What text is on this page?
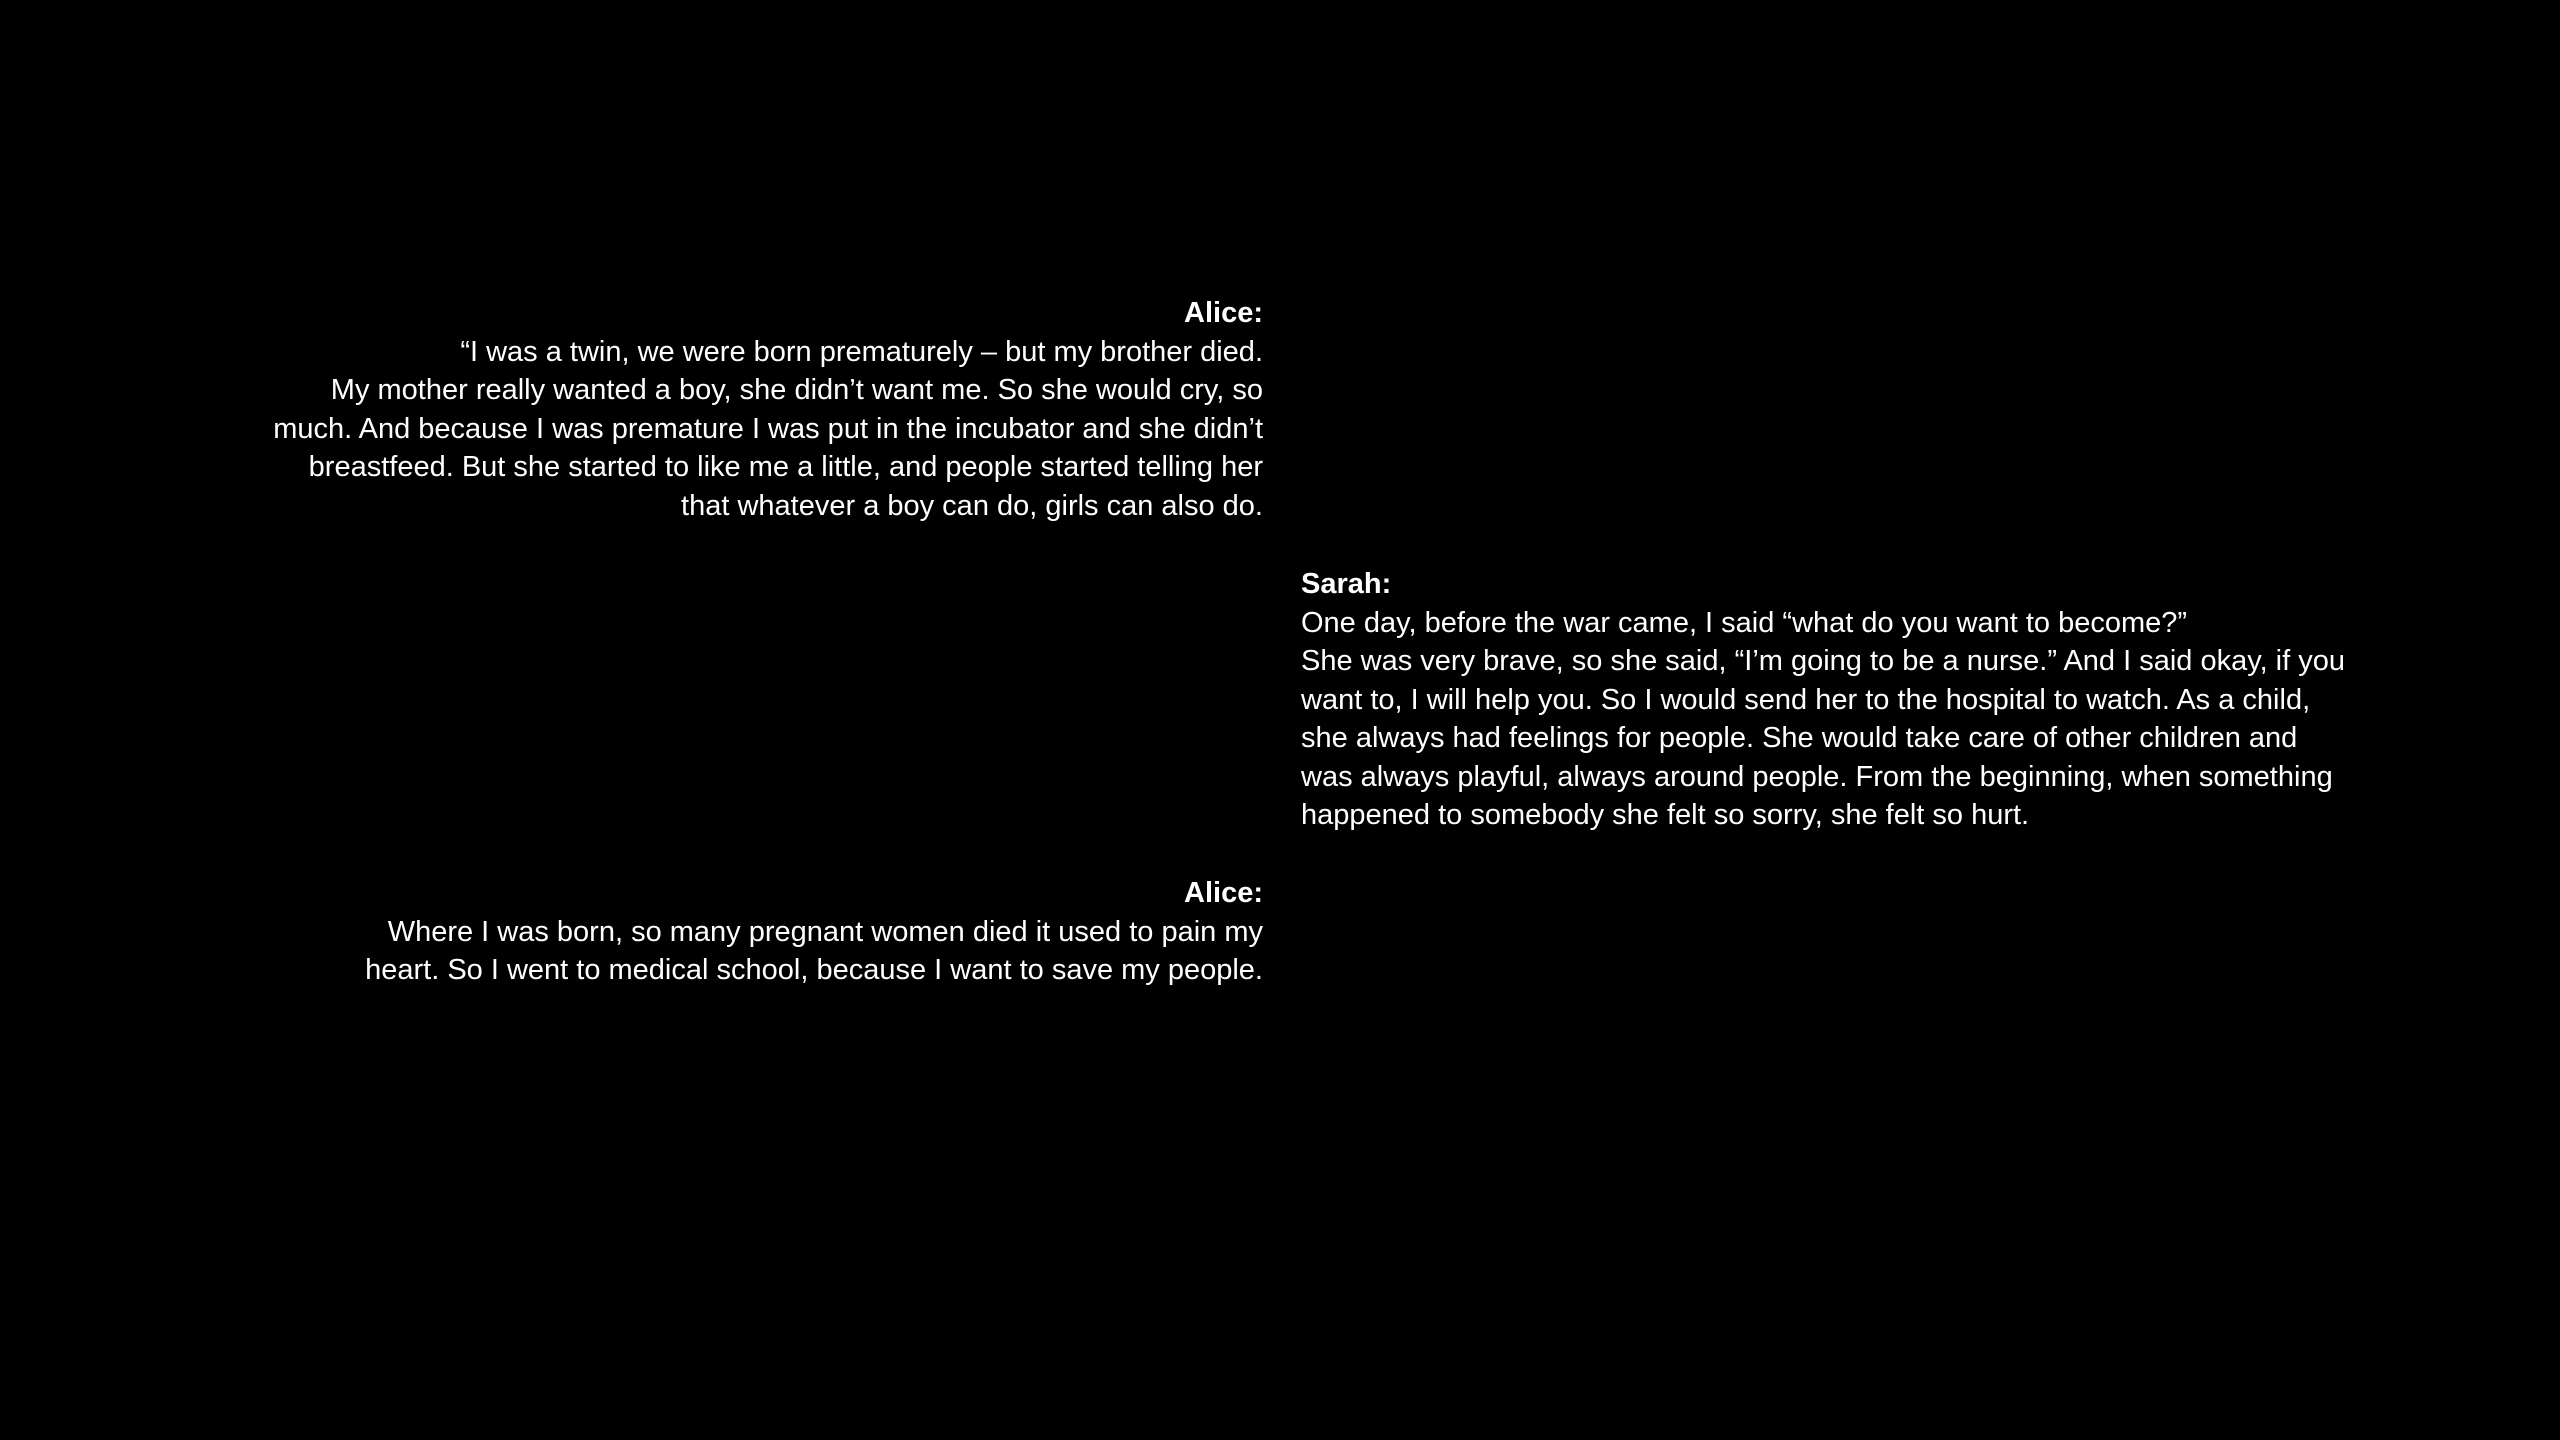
Alice:
“I was a twin, we were born prematurely – but my brother died.
My mother really wanted a boy, she didn’t want me. So she would cry, so
much. And because I was premature I was put in the incubator and she didn’t
breastfeed. But she started to like me a little, and people started telling her
that whatever a boy can do, girls can also do.
Sarah:
One day, before the war came, I said “what do you want to become?”
She was very brave, so she said, “I’m going to be a nurse.” And I said okay, if you
want to, I will help you. So I would send her to the hospital to watch. As a child,
she always had feelings for people. She would take care of other children and
was always playful, always around people. From the beginning, when something
happened to somebody she felt so sorry, she felt so hurt.
Alice:
Where I was born, so many pregnant women died it used to pain my
heart. So I went to medical school, because I want to save my people.
